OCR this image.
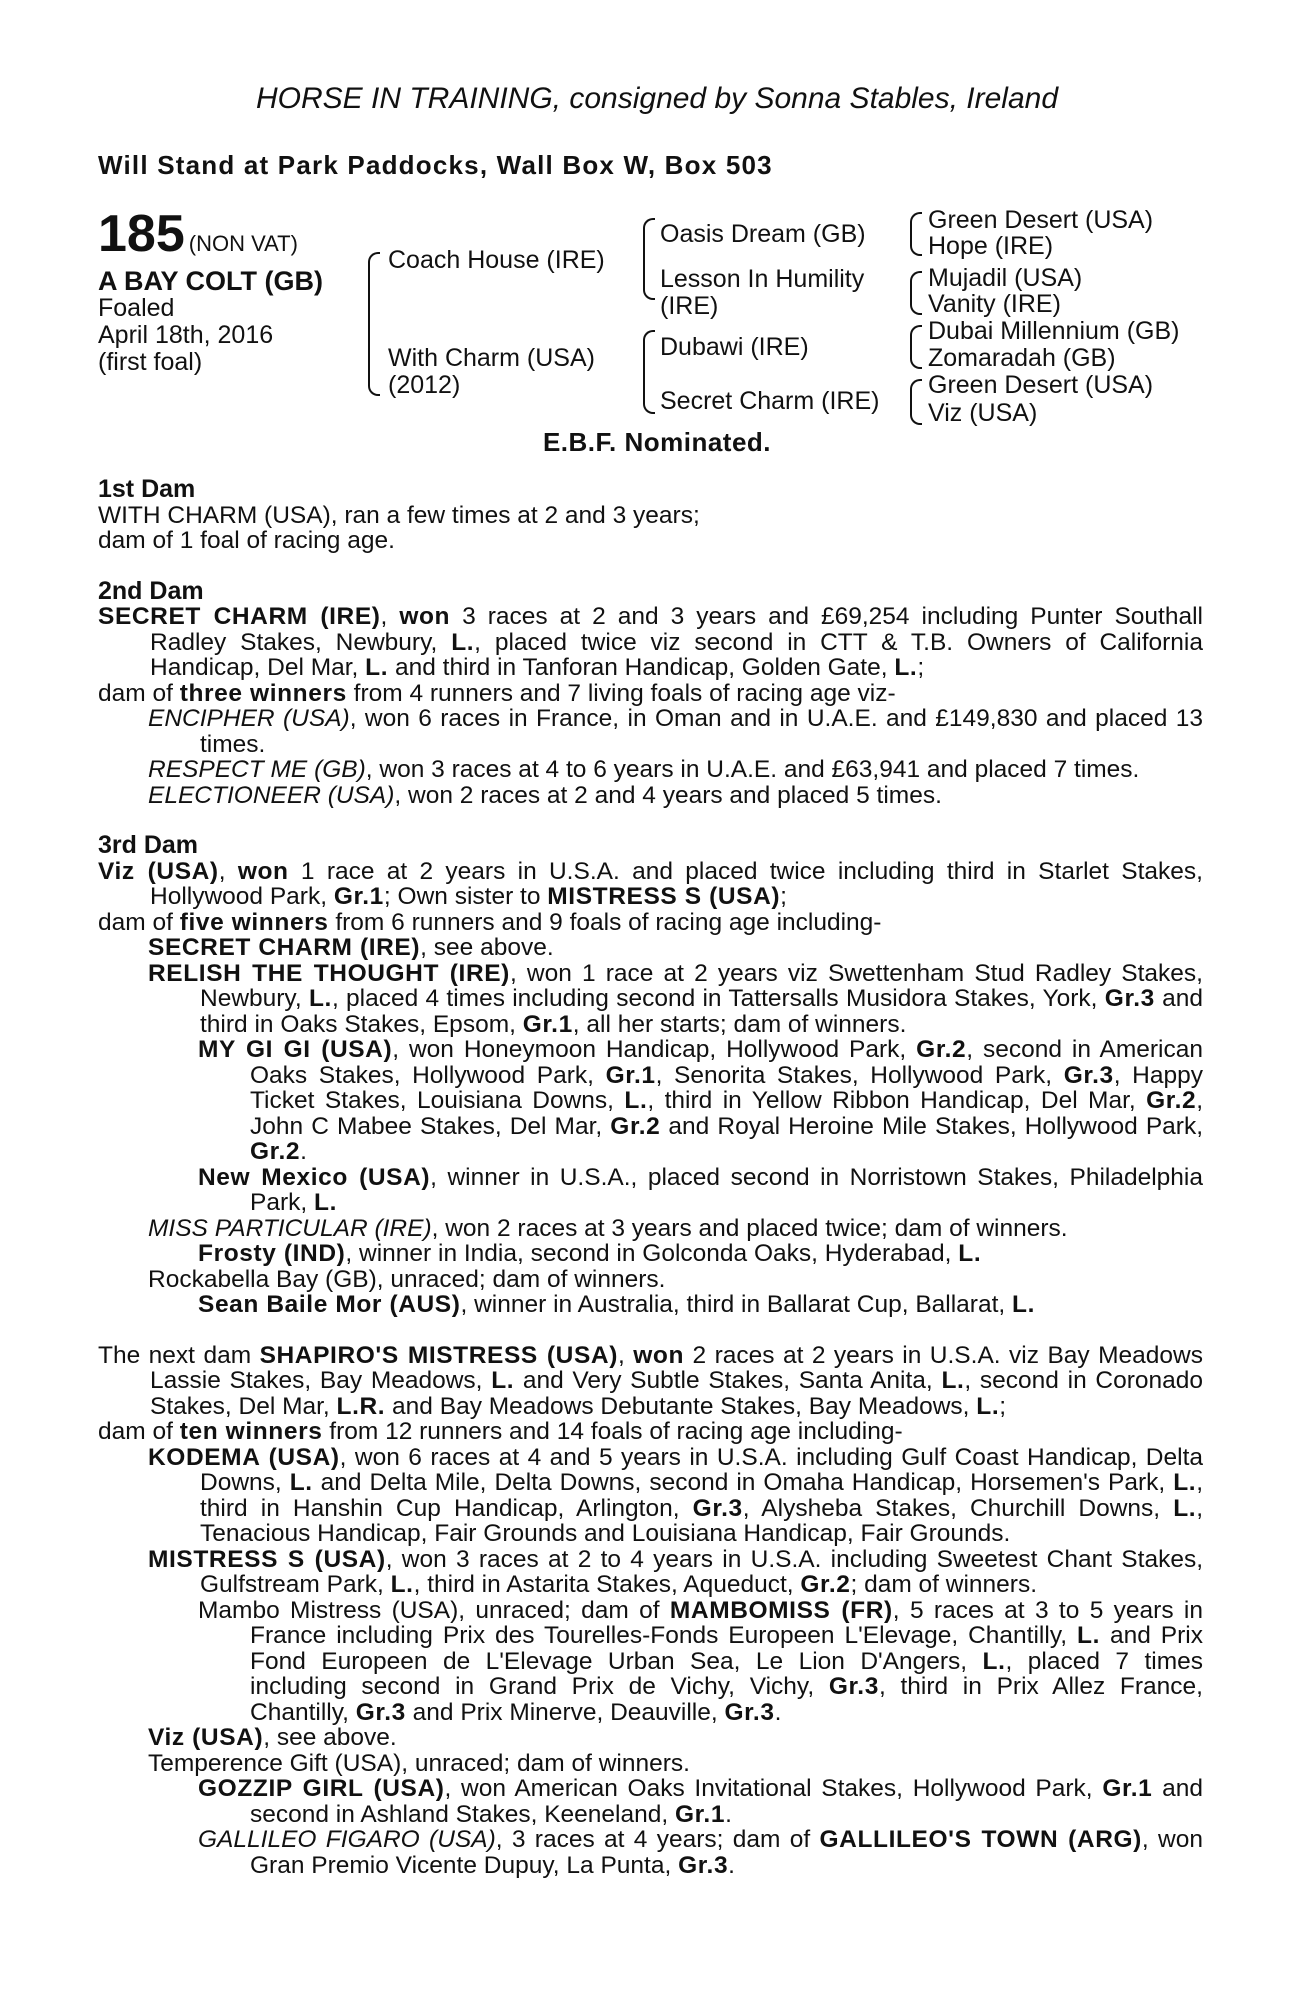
HORSE IN TRAINING, consigned by Sonna Stables, Ireland
Will Stand at Park Paddocks, Wall Box W, Box 503
185 (NON VAT)
A BAY COLT (GB)
Foaled
April 18th, 2016
(first foal)
Coach House (IRE)
With Charm (USA)
(2012)
Oasis Dream (GB)
Lesson In Humility
(IRE)
Dubawi (IRE)
Secret Charm (IRE)
Green Desert (USA)
Hope (IRE)
Mujadil (USA)
Vanity (IRE)
Dubai Millennium (GB)
Zomaradah (GB)
Green Desert (USA)
Viz (USA)
E.B.F. Nominated.
1st Dam

WITH CHARM (USA), ran a few times at 2 and 3 years;

dam of 1 foal of racing age.

2nd Dam

SECRET CHARM (IRE), won 3 races at 2 and 3 years and £69,254 including Punter Southall Radley Stakes, Newbury, L., placed twice viz second in CTT & T.B. Owners of California Handicap, Del Mar, L. and third in Tanforan Handicap, Golden Gate, L.;

dam of three winners from 4 runners and 7 living foals of racing age viz-

ENCIPHER (USA), won 6 races in France, in Oman and in U.A.E. and £149,830 and placed 13 times.

RESPECT ME (GB), won 3 races at 4 to 6 years in U.A.E. and £63,941 and placed 7 times.

ELECTIONEER (USA), won 2 races at 2 and 4 years and placed 5 times.

3rd Dam

Viz (USA), won 1 race at 2 years in U.S.A. and placed twice including third in Starlet Stakes, Hollywood Park, Gr.1; Own sister to MISTRESS S (USA);

dam of five winners from 6 runners and 9 foals of racing age including-

SECRET CHARM (IRE), see above.

RELISH THE THOUGHT (IRE), won 1 race at 2 years viz Swettenham Stud Radley Stakes, Newbury, L., placed 4 times including second in Tattersalls Musidora Stakes, York, Gr.3 and third in Oaks Stakes, Epsom, Gr.1, all her starts; dam of winners.

MY GI GI (USA), won Honeymoon Handicap, Hollywood Park, Gr.2, second in American Oaks Stakes, Hollywood Park, Gr.1, Senorita Stakes, Hollywood Park, Gr.3, Happy Ticket Stakes, Louisiana Downs, L., third in Yellow Ribbon Handicap, Del Mar, Gr.2, John C Mabee Stakes, Del Mar, Gr.2 and Royal Heroine Mile Stakes, Hollywood Park, Gr.2.

New Mexico (USA), winner in U.S.A., placed second in Norristown Stakes, Philadelphia Park, L.

MISS PARTICULAR (IRE), won 2 races at 3 years and placed twice; dam of winners.

Frosty (IND), winner in India, second in Golconda Oaks, Hyderabad, L.

Rockabella Bay (GB), unraced; dam of winners.

Sean Baile Mor (AUS), winner in Australia, third in Ballarat Cup, Ballarat, L.

The next dam SHAPIRO'S MISTRESS (USA), won 2 races at 2 years in U.S.A. viz Bay Meadows Lassie Stakes, Bay Meadows, L. and Very Subtle Stakes, Santa Anita, L., second in Coronado Stakes, Del Mar, L.R. and Bay Meadows Debutante Stakes, Bay Meadows, L.;

dam of ten winners from 12 runners and 14 foals of racing age including-

KODEMA (USA), won 6 races at 4 and 5 years in U.S.A. including Gulf Coast Handicap, Delta Downs, L. and Delta Mile, Delta Downs, second in Omaha Handicap, Horsemen's Park, L., third in Hanshin Cup Handicap, Arlington, Gr.3, Alysheba Stakes, Churchill Downs, L., Tenacious Handicap, Fair Grounds and Louisiana Handicap, Fair Grounds.

MISTRESS S (USA), won 3 races at 2 to 4 years in U.S.A. including Sweetest Chant Stakes, Gulfstream Park, L., third in Astarita Stakes, Aqueduct, Gr.2; dam of winners.

Mambo Mistress (USA), unraced; dam of MAMBOMISS (FR), 5 races at 3 to 5 years in France including Prix des Tourelles-Fonds Europeen L'Elevage, Chantilly, L. and Prix Fond Europeen de L'Elevage Urban Sea, Le Lion D'Angers, L., placed 7 times including second in Grand Prix de Vichy, Vichy, Gr.3, third in Prix Allez France, Chantilly, Gr.3 and Prix Minerve, Deauville, Gr.3.

Viz (USA), see above.

Temperence Gift (USA), unraced; dam of winners.

GOZZIP GIRL (USA), won American Oaks Invitational Stakes, Hollywood Park, Gr.1 and second in Ashland Stakes, Keeneland, Gr.1.

GALLILEO FIGARO (USA), 3 races at 4 years; dam of GALLILEO'S TOWN (ARG), won Gran Premio Vicente Dupuy, La Punta, Gr.3.
